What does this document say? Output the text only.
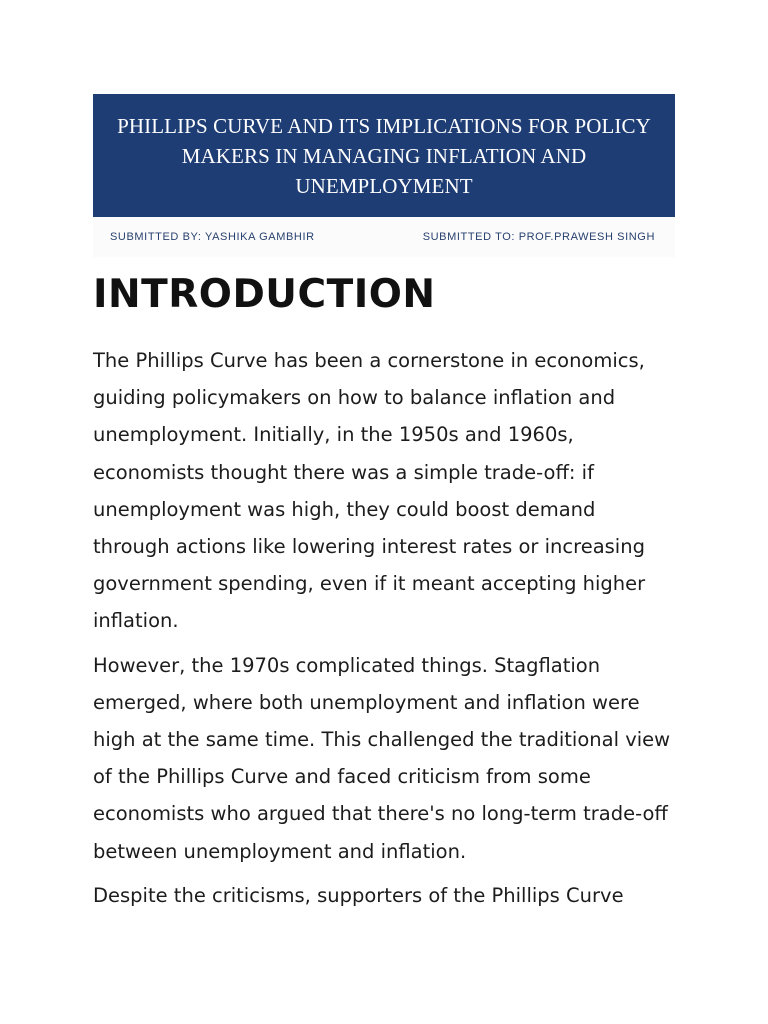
PHILLIPS CURVE AND ITS IMPLICATIONS FOR POLICY
MAKERS IN MANAGING INFLATION AND
UNEMPLOYMENT
SUBMITTED BY: YASHIKA GAMBHIR	SUBMITTED TO: PROF.PRAWESH SINGH
INTRODUCTION

The Phillips Curve has been a cornerstone in economics, guiding policymakers on how to balance inflation and unemployment. Initially, in the 1950s and 1960s, economists thought there was a simple trade-off: if unemployment was high, they could boost demand through actions like lowering interest rates or increasing government spending, even if it meant accepting higher inflation.

However, the 1970s complicated things. Stagflation emerged, where both unemployment and inflation were high at the same time. This challenged the traditional view of the Phillips Curve and faced criticism from some economists who argued that there's no long-term trade-off between unemployment and inflation.

Despite the criticisms, supporters of the Phillips Curve
